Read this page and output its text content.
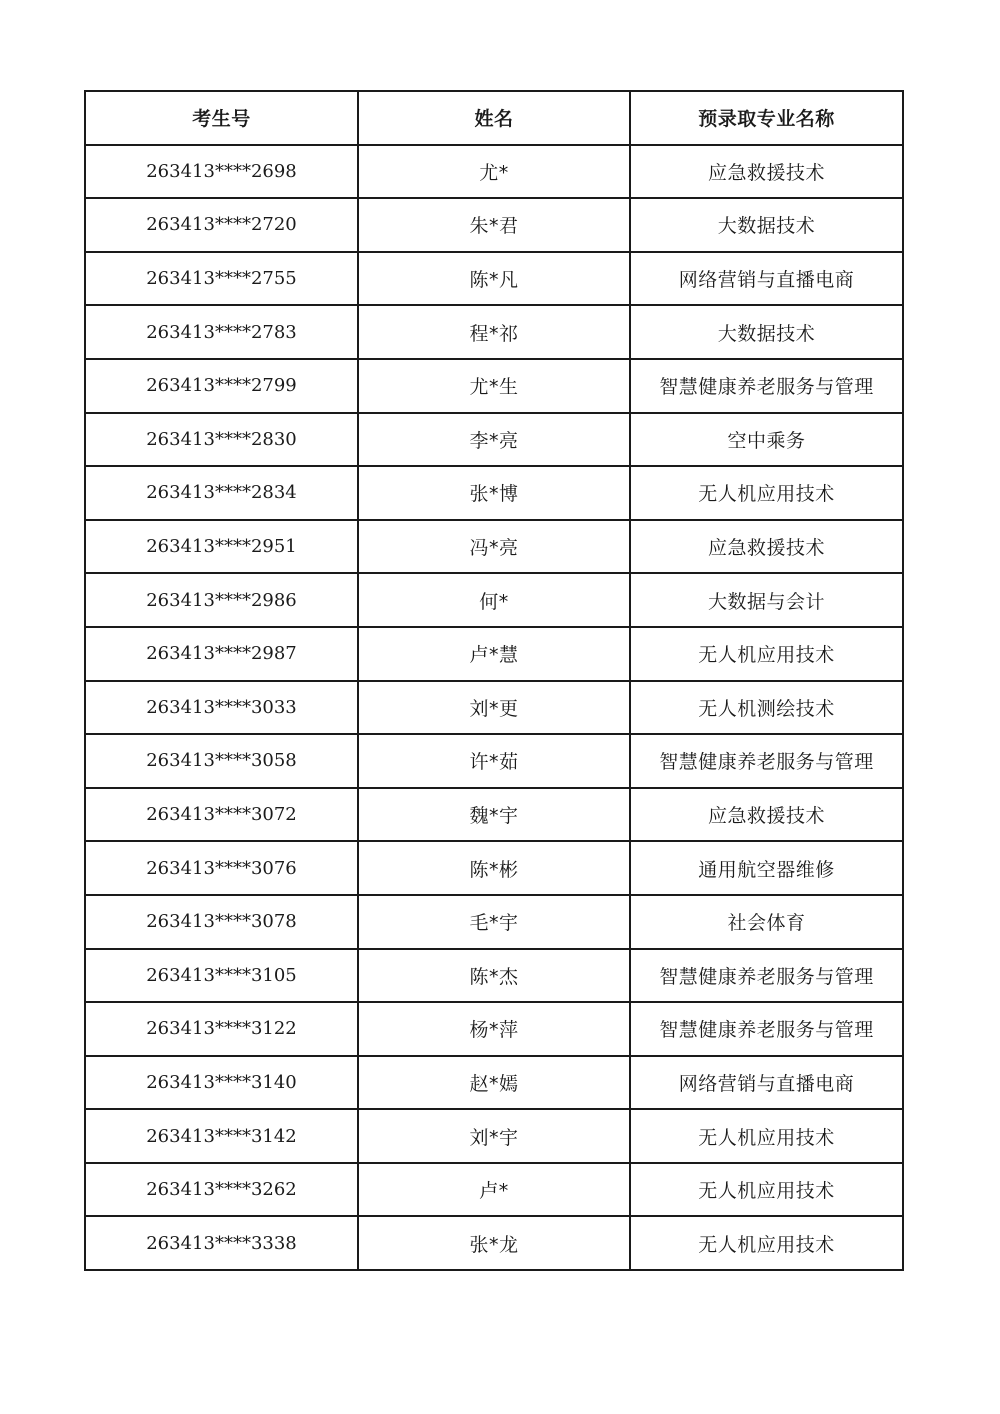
考生号	姓名	预录取专业名称
263413****2698	尤*	应急救援技术
263413****2720	朱*君	大数据技术
263413****2755	陈*凡	网络营销与直播电商
263413****2783	程*祁	大数据技术
263413****2799	尤*生	智慧健康养老服务与管理
263413****2830	李*亮	空中乘务
263413****2834	张*博	无人机应用技术
263413****2951	冯*亮	应急救援技术
263413****2986	何*	大数据与会计
263413****2987	卢*慧	无人机应用技术
263413****3033	刘*更	无人机测绘技术
263413****3058	许*茹	智慧健康养老服务与管理
263413****3072	魏*宇	应急救援技术
263413****3076	陈*彬	通用航空器维修
263413****3078	毛*宇	社会体育
263413****3105	陈*杰	智慧健康养老服务与管理
263413****3122	杨*萍	智慧健康养老服务与管理
263413****3140	赵*嫣	网络营销与直播电商
263413****3142	刘*宇	无人机应用技术
263413****3262	卢*	无人机应用技术
263413****3338	张*龙	无人机应用技术
